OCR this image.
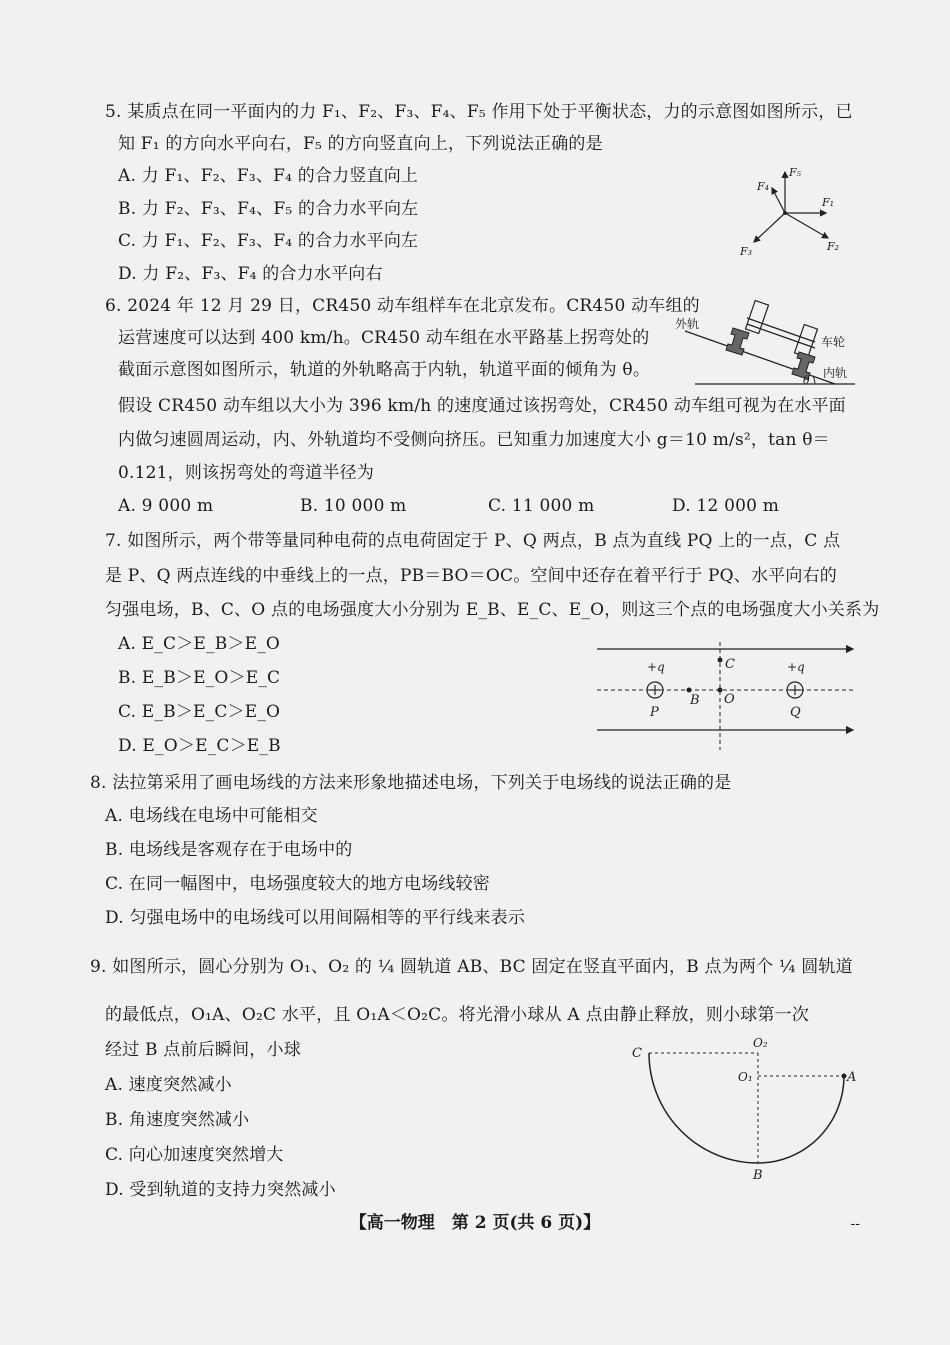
5. 某质点在同一平面内的力 F₁、F₂、F₃、F₄、F₅ 作用下处于平衡状态，力的示意图如图所示，已
知 F₁ 的方向水平向右，F₅ 的方向竖直向上，下列说法正确的是
A. 力 F₁、F₂、F₃、F₄ 的合力竖直向上
B. 力 F₂、F₃、F₄、F₅ 的合力水平向左
C. 力 F₁、F₂、F₃、F₄ 的合力水平向左
D. 力 F₂、F₃、F₄ 的合力水平向右
F₅
F₄
F₁
F₂
F₃
6. 2024 年 12 月 29 日，CR450 动车组样车在北京发布。CR450 动车组的
运营速度可以达到 400 km/h。CR450 动车组在水平路基上拐弯处的
截面示意图如图所示，轨道的外轨略高于内轨，轨道平面的倾角为 θ。
假设 CR450 动车组以大小为 396 km/h 的速度通过该拐弯处，CR450 动车组可视为在水平面
内做匀速圆周运动，内、外轨道均不受侧向挤压。已知重力加速度大小 g＝10 m/s²，tan θ＝
0.121，则该拐弯处的弯道半径为
A. 9 000 m	B. 10 000 m	C. 11 000 m	D. 12 000 m
外轨
车轮
内轨
θ
7. 如图所示，两个带等量同种电荷的点电荷固定于 P、Q 两点，B 点为直线 PQ 上的一点，C 点
是 P、Q 两点连线的中垂线上的一点，PB＝BO＝OC。空间中还存在着平行于 PQ、水平向右的
匀强电场，B、C、O 点的电场强度大小分别为 E_B、E_C、E_O，则这三个点的电场强度大小关系为
A. E_C＞E_B＞E_O
B. E_B＞E_O＞E_C
C. E_B＞E_C＞E_O
D. E_O＞E_C＞E_B
+q	+q
P
B O
Q
C
8. 法拉第采用了画电场线的方法来形象地描述电场，下列关于电场线的说法正确的是
A. 电场线在电场中可能相交
B. 电场线是客观存在于电场中的
C. 在同一幅图中，电场强度较大的地方电场线较密
D. 匀强电场中的电场线可以用间隔相等的平行线来表示
9. 如图所示，圆心分别为 O₁、O₂ 的 ¼ 圆轨道 AB、BC 固定在竖直平面内，B 点为两个 ¼ 圆轨道
的最低点，O₁A、O₂C 水平，且 O₁A＜O₂C。将光滑小球从 A 点由静止释放，则小球第一次
经过 B 点前后瞬间，小球
A. 速度突然减小
B. 角速度突然减小
C. 向心加速度突然增大
D. 受到轨道的支持力突然减小
C
O₂
O₁	A
B
【高一物理　第 2 页(共 6 页)】	--
